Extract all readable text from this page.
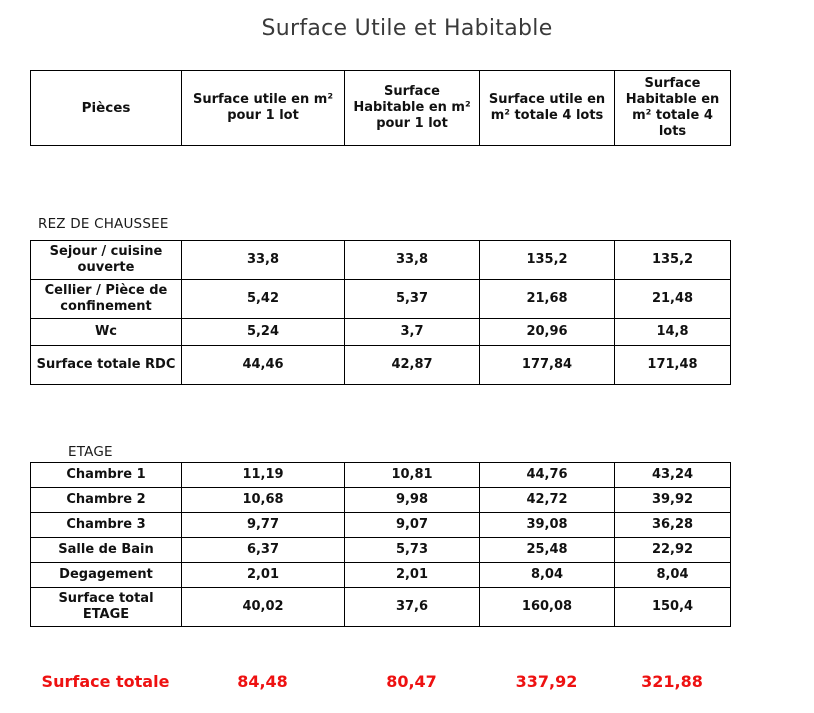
Surface Utile et Habitable
Pièces	Surface utile en m² pour 1 lot	Surface Habitable en m² pour 1 lot	Surface utile en m² totale 4 lots	Surface Habitable en m² totale 4 lots
REZ DE CHAUSSEE
Sejour / cuisine ouverte	33,8	33,8	135,2	135,2
Cellier / Pièce de confinement	5,42	5,37	21,68	21,48
Wc	5,24	3,7	20,96	14,8
Surface totale RDC	44,46	42,87	177,84	171,48
ETAGE
Chambre 1	11,19	10,81	44,76	43,24
Chambre 2	10,68	9,98	42,72	39,92
Chambre 3	9,77	9,07	39,08	36,28
Salle de Bain	6,37	5,73	25,48	22,92
Degagement	2,01	2,01	8,04	8,04
Surface total ETAGE	40,02	37,6	160,08	150,4
Surface totale	84,48	80,47	337,92	321,88
